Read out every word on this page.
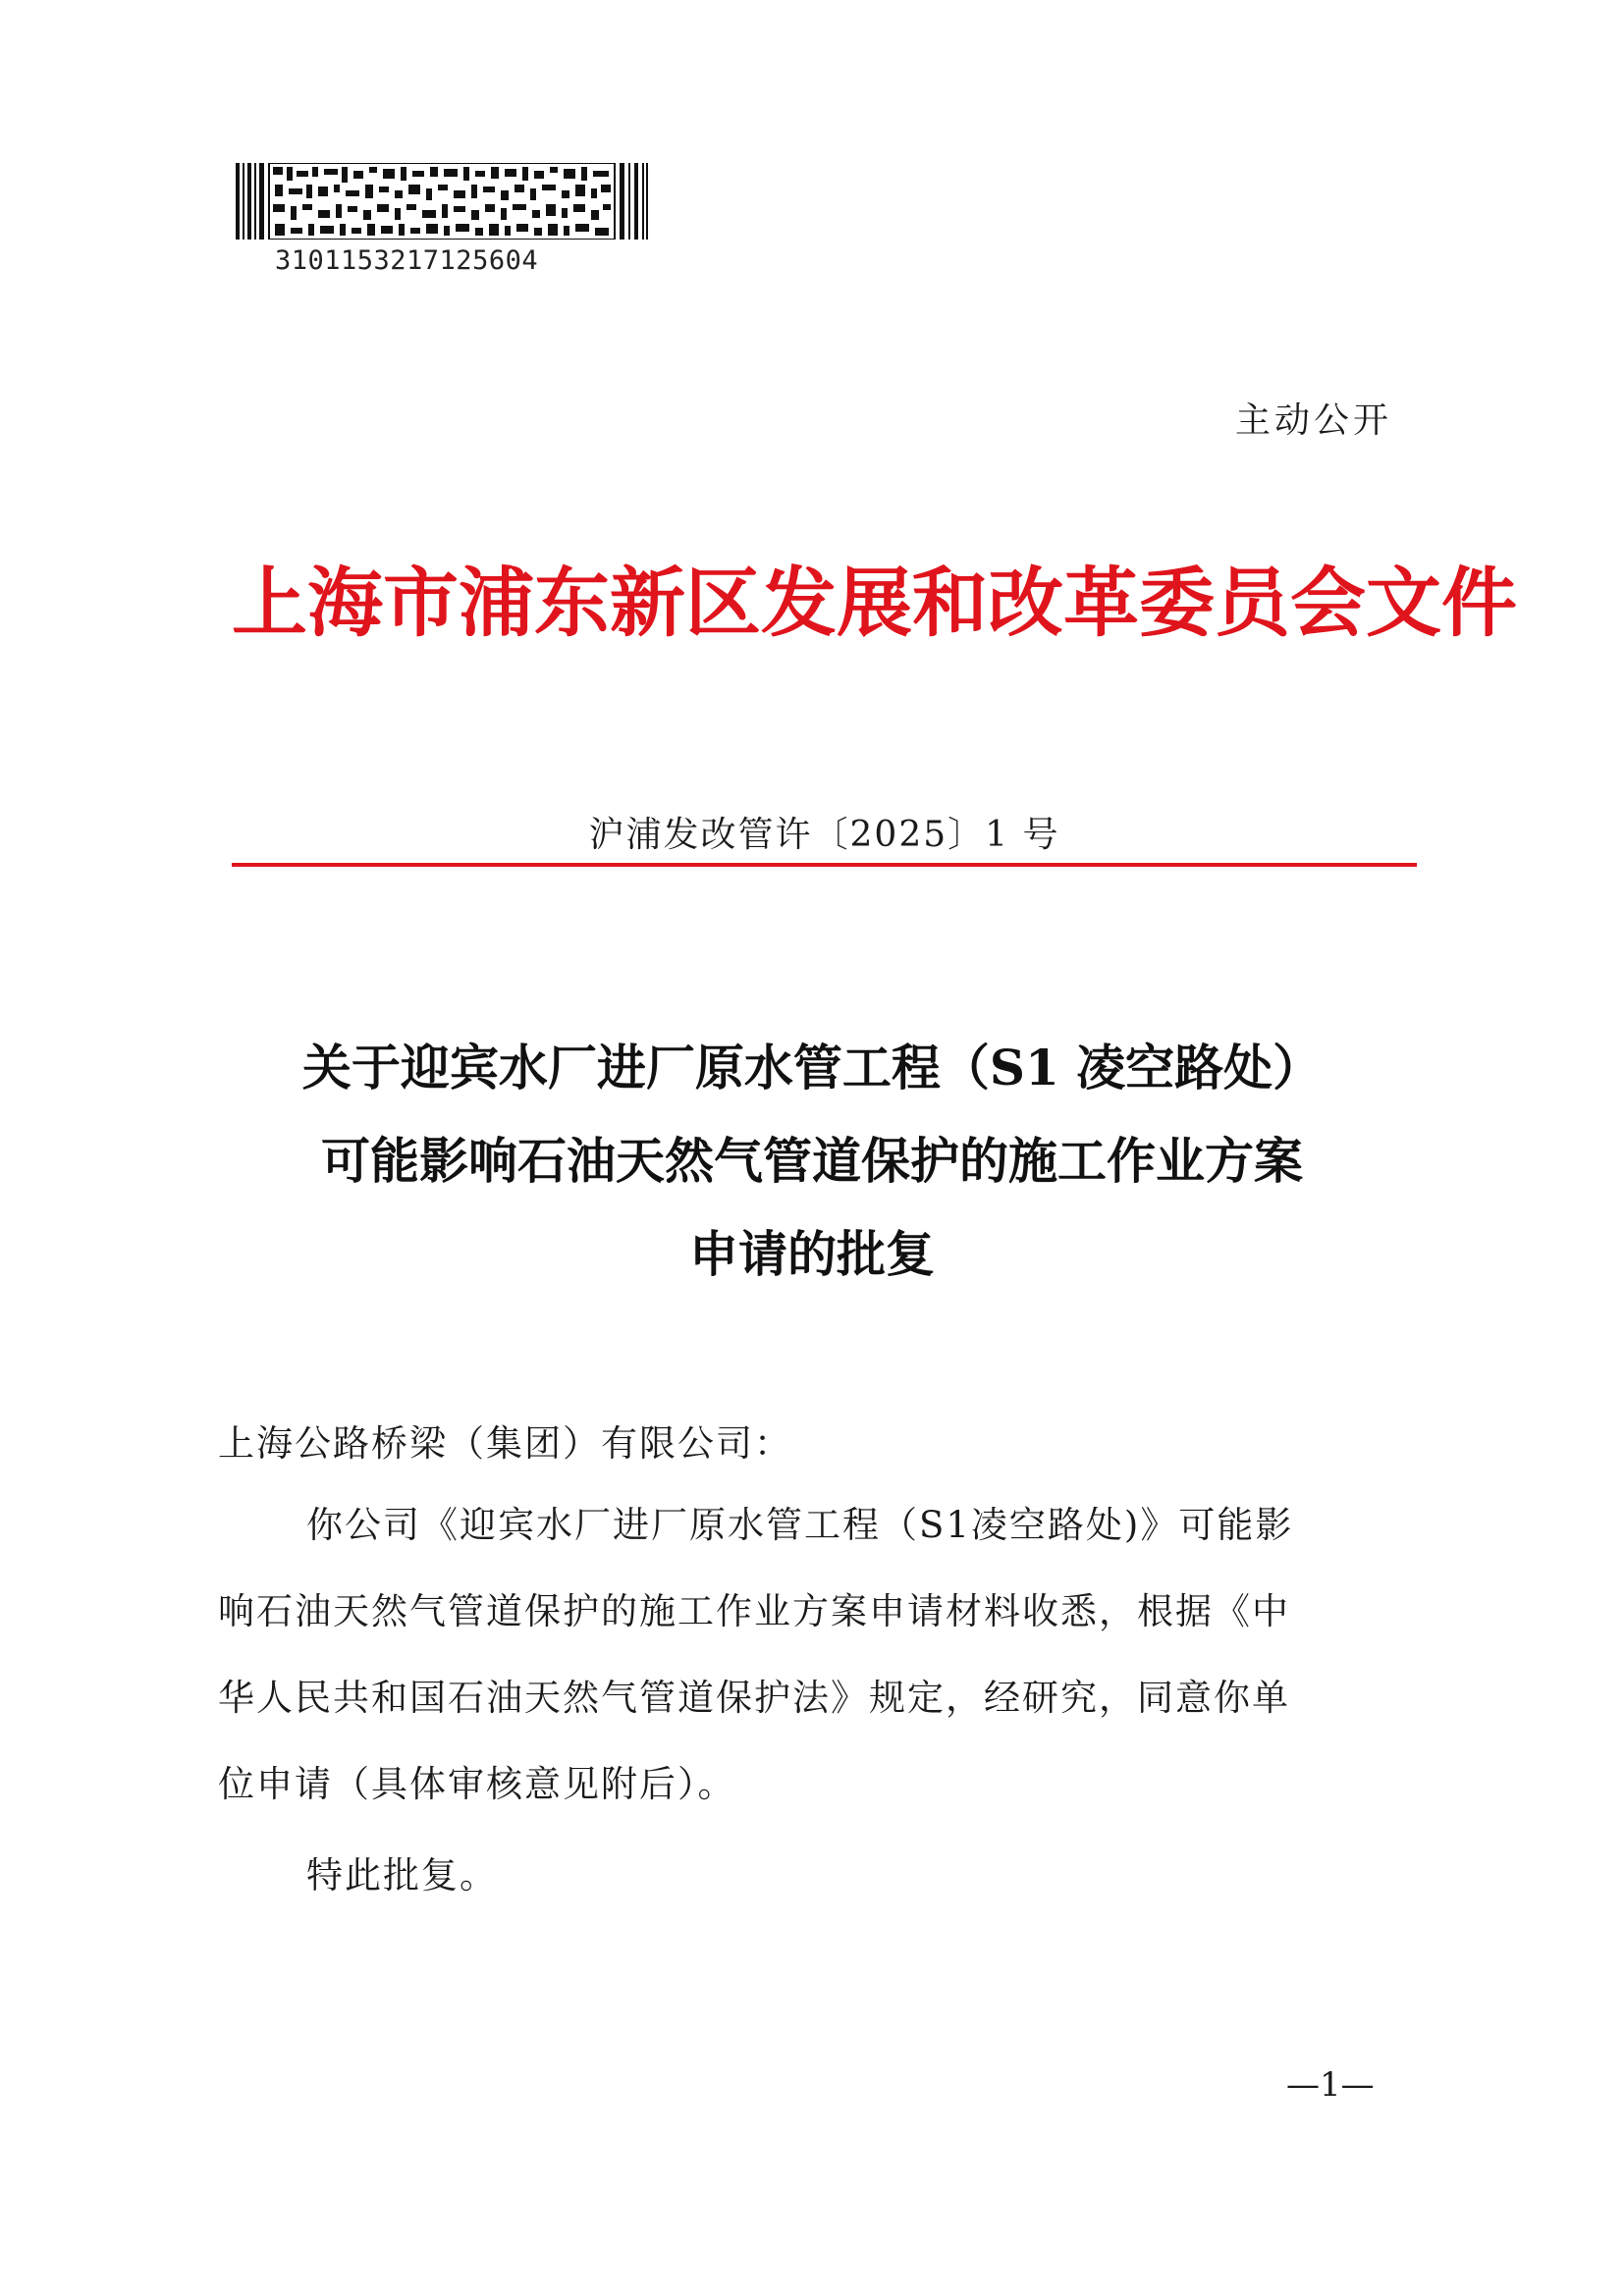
3101153217125604
主动公开
上海市浦东新区发展和改革委员会文件
沪浦发改管许〔2025〕1 号
关于迎宾水厂进厂原水管工程（S1 凌空路处）
可能影响石油天然气管道保护的施工作业方案
申请的批复
上海公路桥梁（集团）有限公司：
你公司《迎宾水厂进厂原水管工程（S1凌空路处)》可能影
响石油天然气管道保护的施工作业方案申请材料收悉，根据《中
华人民共和国石油天然气管道保护法》规定，经研究，同意你单
位申请（具体审核意见附后）。
特此批复。
—1—
